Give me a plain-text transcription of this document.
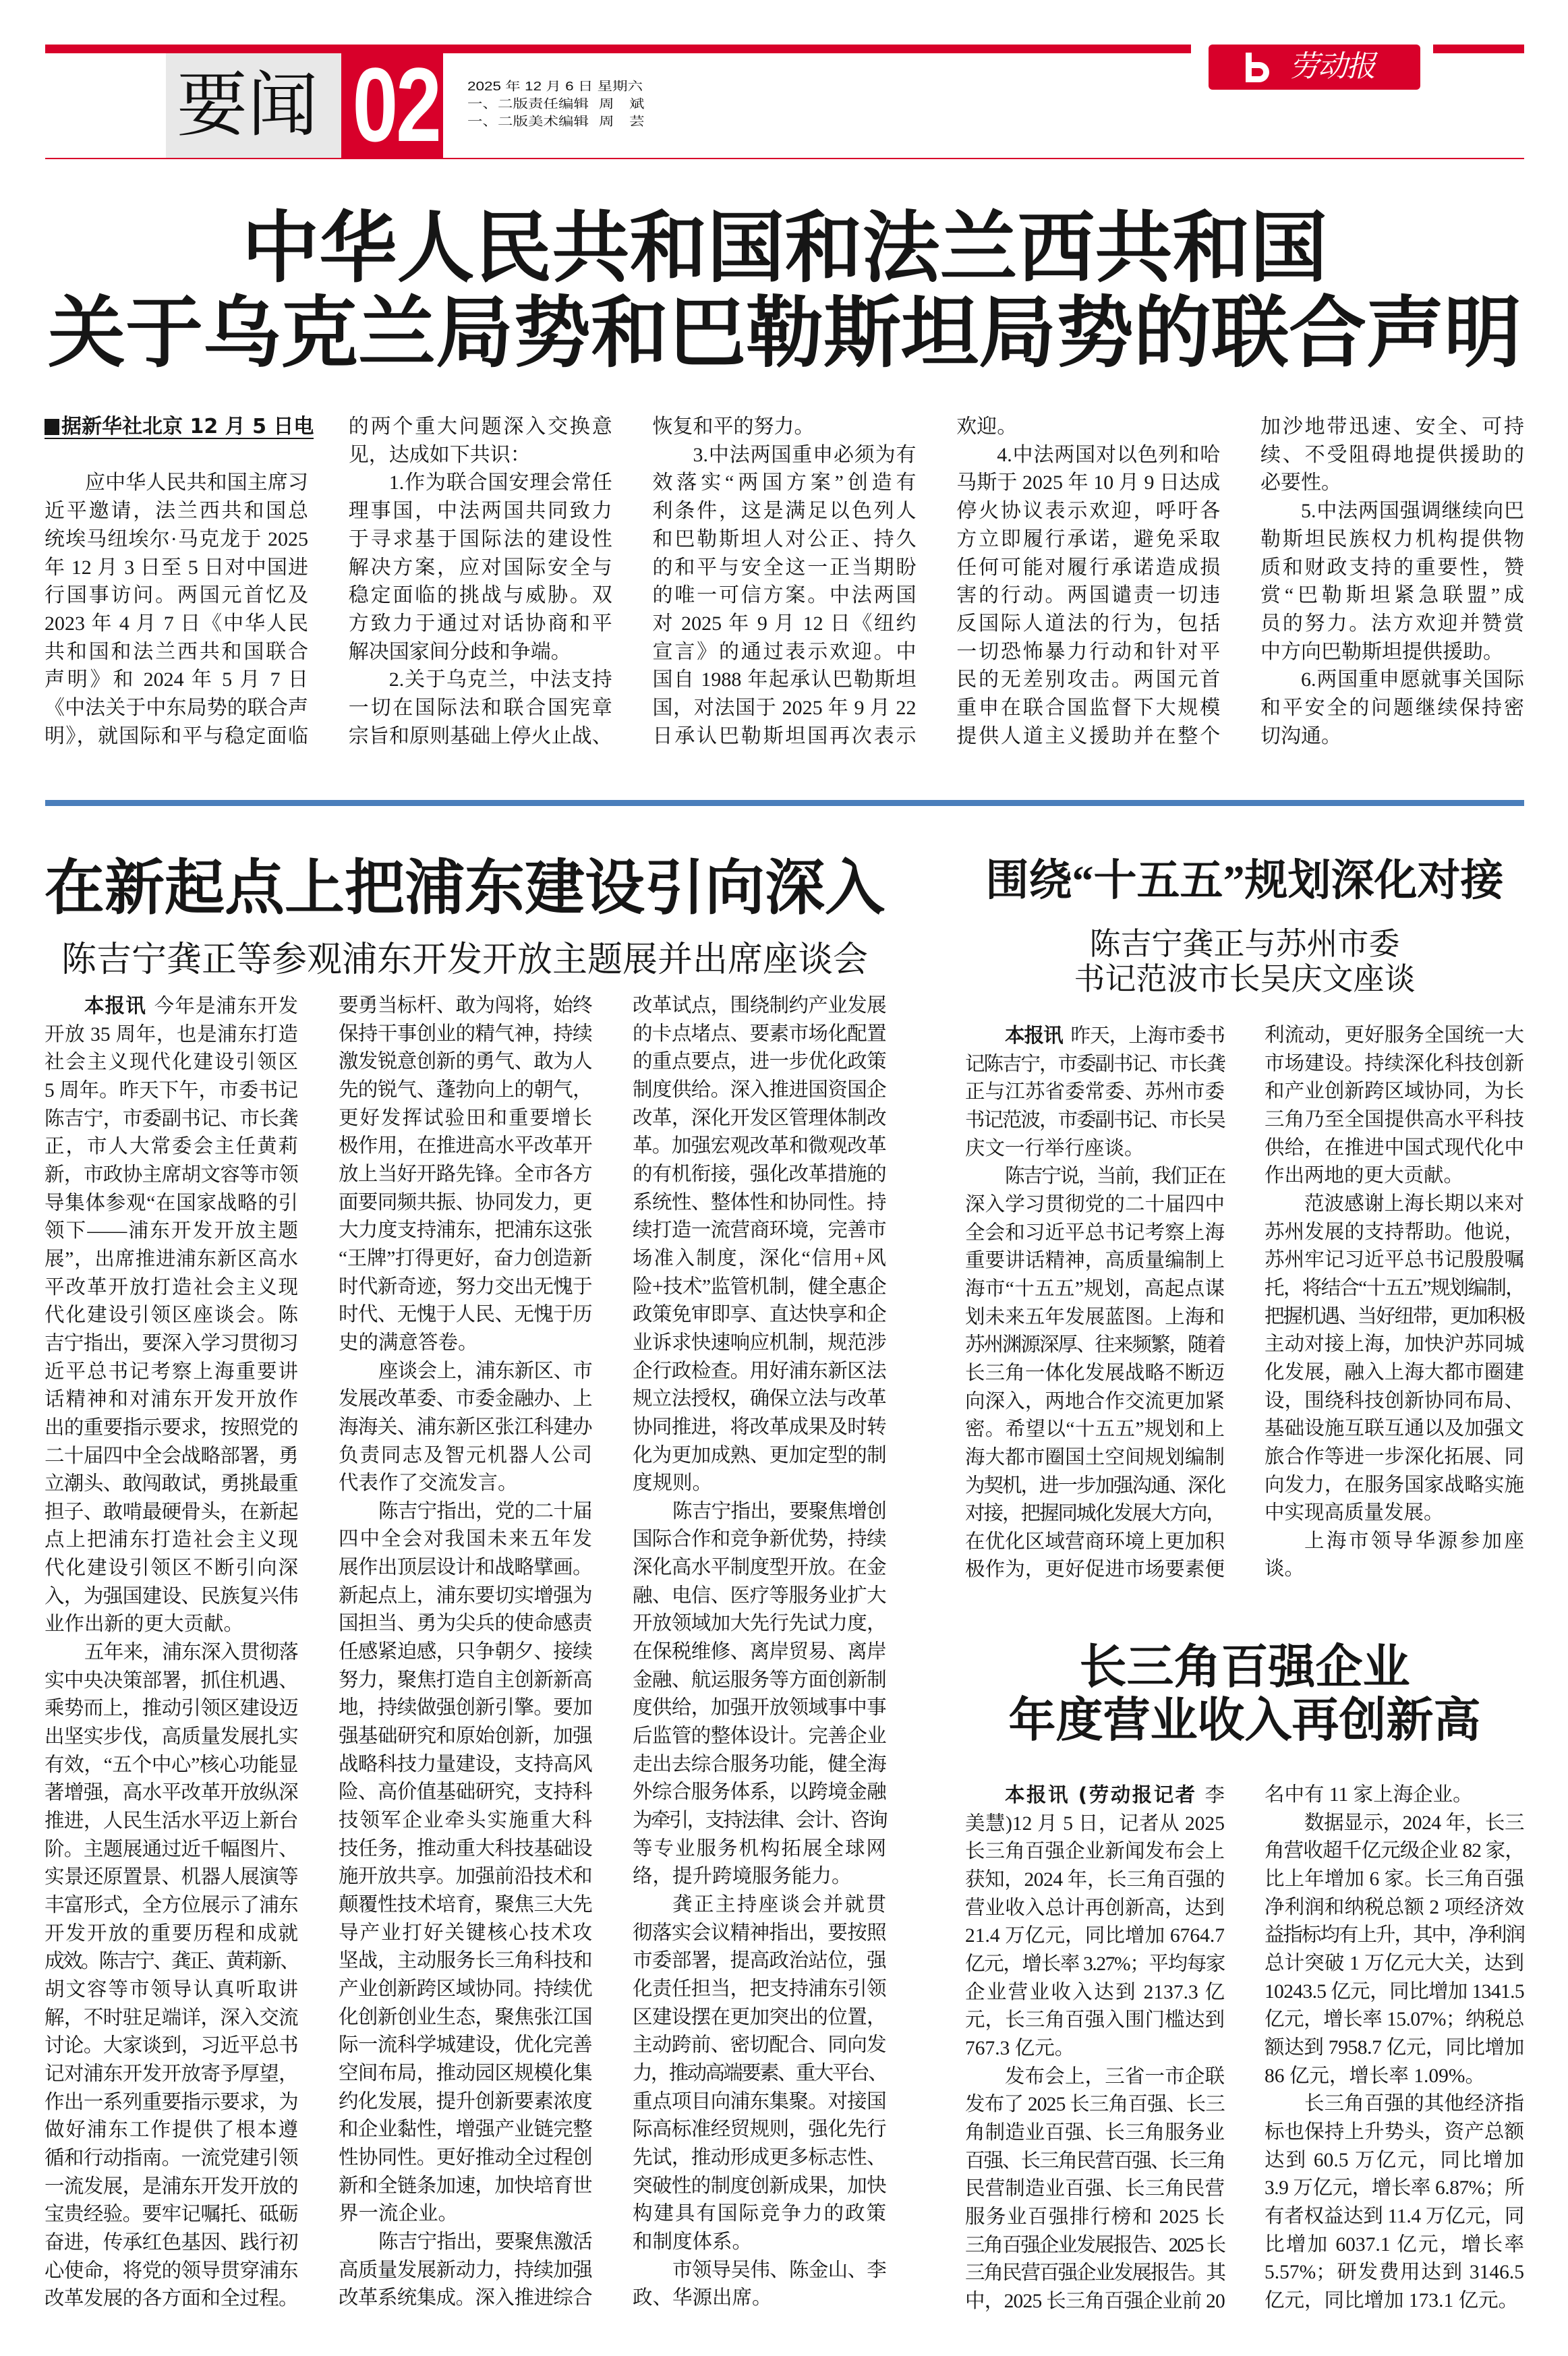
劳动报
要闻 02 2025 年 12 月 6 日 星期六
一、二版责任编辑 周　斌
一、二版美术编辑 周　芸
中华人民共和国和法兰西共和国
关于乌克兰局势和巴勒斯坦局势的联合声明
据新华社北京 12 月 5 日电
应中华人民共和国主席习
近平邀请，法兰西共和国总
统埃马纽埃尔·马克龙于 2025
年 12 月 3 日至 5 日对中国进
行国事访问。两国元首忆及
2023 年 4 月 7 日《中华人民
共和国和法兰西共和国联合
声明》和 2024 年 5 月 7 日
《中法关于中东局势的联合声
明》，就国际和平与稳定面临
的两个重大问题深入交换意
见，达成如下共识：
1.作为联合国安理会常任
理事国，中法两国共同致力
于寻求基于国际法的建设性
解决方案，应对国际安全与
稳定面临的挑战与威胁。双
方致力于通过对话协商和平
解决国家间分歧和争端。
2.关于乌克兰，中法支持
一切在国际法和联合国宪章
宗旨和原则基础上停火止战、
恢复和平的努力。
3.中法两国重申必须为有
效落实“两国方案”创造有
利条件，这是满足以色列人
和巴勒斯坦人对公正、持久
的和平与安全这一正当期盼
的唯一可信方案。中法两国
对 2025 年 9 月 12 日《纽约
宣言》的通过表示欢迎。中
国自 1988 年起承认巴勒斯坦
国，对法国于 2025 年 9 月 22
日承认巴勒斯坦国再次表示
欢迎。
4.中法两国对以色列和哈
马斯于 2025 年 10 月 9 日达成
停火协议表示欢迎，呼吁各
方立即履行承诺，避免采取
任何可能对履行承诺造成损
害的行动。两国谴责一切违
反国际人道法的行为，包括
一切恐怖暴力行动和针对平
民的无差别攻击。两国元首
重申在联合国监督下大规模
提供人道主义援助并在整个
加沙地带迅速、安全、可持
续、不受阻碍地提供援助的
必要性。
5.中法两国强调继续向巴
勒斯坦民族权力机构提供物
质和财政支持的重要性，赞
赏“巴勒斯坦紧急联盟”成
员的努力。法方欢迎并赞赏
中方向巴勒斯坦提供援助。
6.两国重申愿就事关国际
和平安全的问题继续保持密
切沟通。
在新起点上把浦东建设引向深入
陈吉宁龚正等参观浦东开发开放主题展并出席座谈会
本报讯 今年是浦东开发
开放 35 周年，也是浦东打造
社会主义现代化建设引领区
5 周年。昨天下午，市委书记
陈吉宁，市委副书记、市长龚
正，市人大常委会主任黄莉
新，市政协主席胡文容等市领
导集体参观“在国家战略的引
领下——浦东开发开放主题
展”，出席推进浦东新区高水
平改革开放打造社会主义现
代化建设引领区座谈会。陈
吉宁指出，要深入学习贯彻习
近平总书记考察上海重要讲
话精神和对浦东开发开放作
出的重要指示要求，按照党的
二十届四中全会战略部署，勇
立潮头、敢闯敢试，勇挑最重
担子、敢啃最硬骨头，在新起
点上把浦东打造社会主义现
代化建设引领区不断引向深
入，为强国建设、民族复兴伟
业作出新的更大贡献。
五年来，浦东深入贯彻落
实中央决策部署，抓住机遇、
乘势而上，推动引领区建设迈
出坚实步伐，高质量发展扎实
有效，“五个中心”核心功能显
著增强，高水平改革开放纵深
推进，人民生活水平迈上新台
阶。主题展通过近千幅图片、
实景还原置景、机器人展演等
丰富形式，全方位展示了浦东
开发开放的重要历程和成就
成效。陈吉宁、龚正、黄莉新、
胡文容等市领导认真听取讲
解，不时驻足端详，深入交流
讨论。大家谈到，习近平总书
记对浦东开发开放寄予厚望，
作出一系列重要指示要求，为
做好浦东工作提供了根本遵
循和行动指南。一流党建引领
一流发展，是浦东开发开放的
宝贵经验。要牢记嘱托、砥砺
奋进，传承红色基因、践行初
心使命，将党的领导贯穿浦东
改革发展的各方面和全过程。
要勇当标杆、敢为闯将，始终
保持干事创业的精气神，持续
激发锐意创新的勇气、敢为人
先的锐气、蓬勃向上的朝气，
更好发挥试验田和重要增长
极作用，在推进高水平改革开
放上当好开路先锋。全市各方
面要同频共振、协同发力，更
大力度支持浦东，把浦东这张
“王牌”打得更好，奋力创造新
时代新奇迹，努力交出无愧于
时代、无愧于人民、无愧于历
史的满意答卷。
座谈会上，浦东新区、市
发展改革委、市委金融办、上
海海关、浦东新区张江科建办
负责同志及智元机器人公司
代表作了交流发言。
陈吉宁指出，党的二十届
四中全会对我国未来五年发
展作出顶层设计和战略擘画。
新起点上，浦东要切实增强为
国担当、勇为尖兵的使命感责
任感紧迫感，只争朝夕、接续
努力，聚焦打造自主创新新高
地，持续做强创新引擎。要加
强基础研究和原始创新，加强
战略科技力量建设，支持高风
险、高价值基础研究，支持科
技领军企业牵头实施重大科
技任务，推动重大科技基础设
施开放共享。加强前沿技术和
颠覆性技术培育，聚焦三大先
导产业打好关键核心技术攻
坚战，主动服务长三角科技和
产业创新跨区域协同。持续优
化创新创业生态，聚焦张江国
际一流科学城建设，优化完善
空间布局，推动园区规模化集
约化发展，提升创新要素浓度
和企业黏性，增强产业链完整
性协同性。更好推动全过程创
新和全链条加速，加快培育世
界一流企业。
陈吉宁指出，要聚焦激活
高质量发展新动力，持续加强
改革系统集成。深入推进综合
改革试点，围绕制约产业发展
的卡点堵点、要素市场化配置
的重点要点，进一步优化政策
制度供给。深入推进国资国企
改革，深化开发区管理体制改
革。加强宏观改革和微观改革
的有机衔接，强化改革措施的
系统性、整体性和协同性。持
续打造一流营商环境，完善市
场准入制度，深化“信用+风
险+技术”监管机制，健全惠企
政策免审即享、直达快享和企
业诉求快速响应机制，规范涉
企行政检查。用好浦东新区法
规立法授权，确保立法与改革
协同推进，将改革成果及时转
化为更加成熟、更加定型的制
度规则。
陈吉宁指出，要聚焦增创
国际合作和竞争新优势，持续
深化高水平制度型开放。在金
融、电信、医疗等服务业扩大
开放领域加大先行先试力度，
在保税维修、离岸贸易、离岸
金融、航运服务等方面创新制
度供给，加强开放领域事中事
后监管的整体设计。完善企业
走出去综合服务功能，健全海
外综合服务体系，以跨境金融
为牵引，支持法律、会计、咨询
等专业服务机构拓展全球网
络，提升跨境服务能力。
龚正主持座谈会并就贯
彻落实会议精神指出，要按照
市委部署，提高政治站位，强
化责任担当，把支持浦东引领
区建设摆在更加突出的位置，
主动跨前、密切配合、同向发
力，推动高端要素、重大平台、
重点项目向浦东集聚。对接国
际高标准经贸规则，强化先行
先试，推动形成更多标志性、
突破性的制度创新成果，加快
构建具有国际竞争力的政策
和制度体系。
市领导吴伟、陈金山、李
政、华源出席。
围绕“十五五”规划深化对接
陈吉宁龚正与苏州市委
书记范波市长吴庆文座谈
本报讯 昨天，上海市委书
记陈吉宁，市委副书记、市长龚
正与江苏省委常委、苏州市委
书记范波，市委副书记、市长吴
庆文一行举行座谈。
陈吉宁说，当前，我们正在
深入学习贯彻党的二十届四中
全会和习近平总书记考察上海
重要讲话精神，高质量编制上
海市“十五五”规划，高起点谋
划未来五年发展蓝图。上海和
苏州渊源深厚、往来频繁，随着
长三角一体化发展战略不断迈
向深入，两地合作交流更加紧
密。希望以“十五五”规划和上
海大都市圈国土空间规划编制
为契机，进一步加强沟通、深化
对接，把握同城化发展大方向，
在优化区域营商环境上更加积
极作为，更好促进市场要素便
利流动，更好服务全国统一大
市场建设。持续深化科技创新
和产业创新跨区域协同，为长
三角乃至全国提供高水平科技
供给，在推进中国式现代化中
作出两地的更大贡献。
范波感谢上海长期以来对
苏州发展的支持帮助。他说，
苏州牢记习近平总书记殷殷嘱
托，将结合“十五五”规划编制，
把握机遇、当好纽带，更加积极
主动对接上海，加快沪苏同城
化发展，融入上海大都市圈建
设，围绕科技创新协同布局、
基础设施互联互通以及加强文
旅合作等进一步深化拓展、同
向发力，在服务国家战略实施
中实现高质量发展。
上海市领导华源参加座
谈。
长三角百强企业
年度营业收入再创新高
本报讯 (劳动报记者 李
美慧)12 月 5 日，记者从 2025
长三角百强企业新闻发布会上
获知，2024 年，长三角百强的
营业收入总计再创新高，达到
21.4 万亿元，同比增加 6764.7
亿元，增长率 3.27%；平均每家
企业营业收入达到 2137.3 亿
元，长三角百强入围门槛达到
767.3 亿元。
发布会上，三省一市企联
发布了 2025 长三角百强、长三
角制造业百强、长三角服务业
百强、长三角民营百强、长三角
民营制造业百强、长三角民营
服务业百强排行榜和 2025 长
三角百强企业发展报告、2025 长
三角民营百强企业发展报告。其
中，2025 长三角百强企业前 20
名中有 11 家上海企业。
数据显示，2024 年，长三
角营收超千亿元级企业 82 家，
比上年增加 6 家。长三角百强
净利润和纳税总额 2 项经济效
益指标均有上升，其中，净利润
总计突破 1 万亿元大关，达到
10243.5 亿元，同比增加 1341.5
亿元，增长率 15.07%；纳税总
额达到 7958.7 亿元，同比增加
86 亿元，增长率 1.09%。
长三角百强的其他经济指
标也保持上升势头，资产总额
达到 60.5 万亿元，同比增加
3.9 万亿元，增长率 6.87%；所
有者权益达到 11.4 万亿元，同
比增加 6037.1 亿元，增长率
5.57%；研发费用达到 3146.5
亿元，同比增加 173.1 亿元。
